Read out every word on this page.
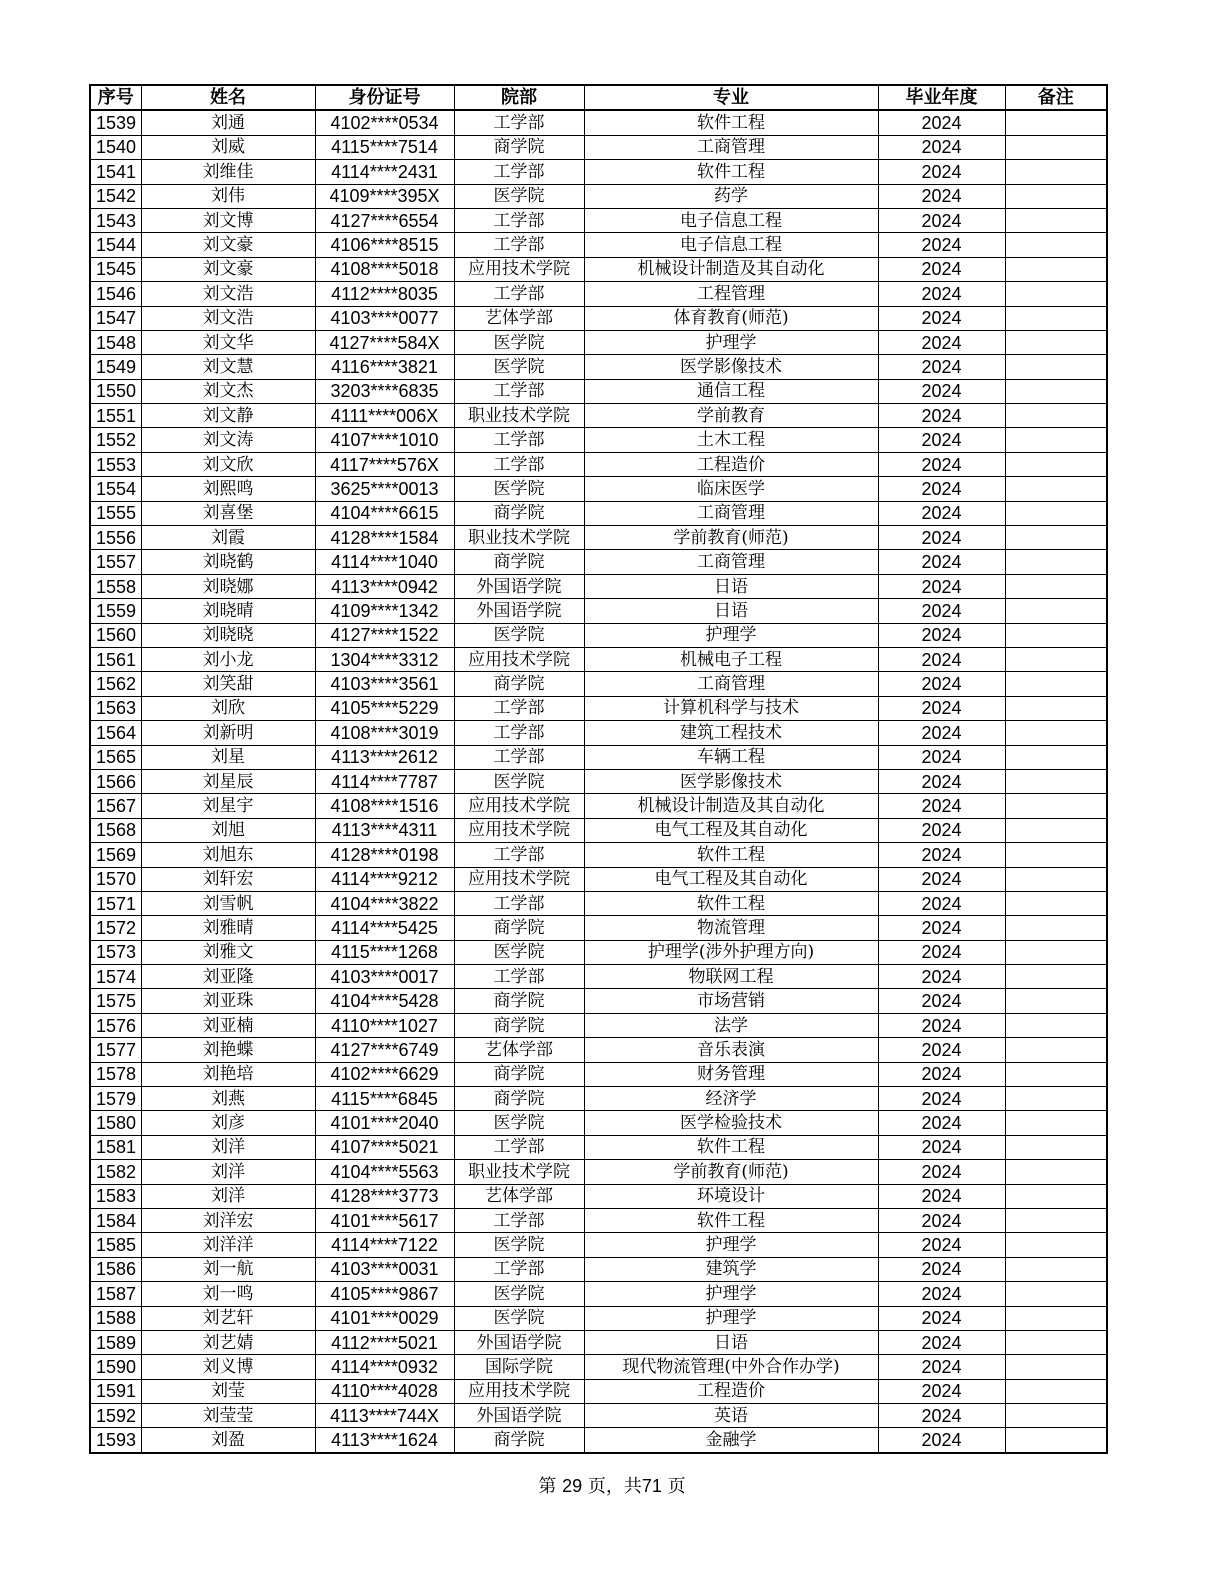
序号	姓名	身份证号	院部	专业	毕业年度	备注
1539	刘通	4102****0534	工学部	软件工程	2024	
1540	刘威	4115****7514	商学院	工商管理	2024	
1541	刘维佳	4114****2431	工学部	软件工程	2024	
1542	刘伟	4109****395X	医学院	药学	2024	
1543	刘文博	4127****6554	工学部	电子信息工程	2024	
1544	刘文豪	4106****8515	工学部	电子信息工程	2024	
1545	刘文豪	4108****5018	应用技术学院	机械设计制造及其自动化	2024	
1546	刘文浩	4112****8035	工学部	工程管理	2024	
1547	刘文浩	4103****0077	艺体学部	体育教育(师范)	2024	
1548	刘文华	4127****584X	医学院	护理学	2024	
1549	刘文慧	4116****3821	医学院	医学影像技术	2024	
1550	刘文杰	3203****6835	工学部	通信工程	2024	
1551	刘文静	4111****006X	职业技术学院	学前教育	2024	
1552	刘文涛	4107****1010	工学部	土木工程	2024	
1553	刘文欣	4117****576X	工学部	工程造价	2024	
1554	刘熙鸣	3625****0013	医学院	临床医学	2024	
1555	刘喜堡	4104****6615	商学院	工商管理	2024	
1556	刘霞	4128****1584	职业技术学院	学前教育(师范)	2024	
1557	刘晓鹤	4114****1040	商学院	工商管理	2024	
1558	刘晓娜	4113****0942	外国语学院	日语	2024	
1559	刘晓晴	4109****1342	外国语学院	日语	2024	
1560	刘晓晓	4127****1522	医学院	护理学	2024	
1561	刘小龙	1304****3312	应用技术学院	机械电子工程	2024	
1562	刘笑甜	4103****3561	商学院	工商管理	2024	
1563	刘欣	4105****5229	工学部	计算机科学与技术	2024	
1564	刘新明	4108****3019	工学部	建筑工程技术	2024	
1565	刘星	4113****2612	工学部	车辆工程	2024	
1566	刘星辰	4114****7787	医学院	医学影像技术	2024	
1567	刘星宇	4108****1516	应用技术学院	机械设计制造及其自动化	2024	
1568	刘旭	4113****4311	应用技术学院	电气工程及其自动化	2024	
1569	刘旭东	4128****0198	工学部	软件工程	2024	
1570	刘轩宏	4114****9212	应用技术学院	电气工程及其自动化	2024	
1571	刘雪帆	4104****3822	工学部	软件工程	2024	
1572	刘雅晴	4114****5425	商学院	物流管理	2024	
1573	刘雅文	4115****1268	医学院	护理学(涉外护理方向)	2024	
1574	刘亚隆	4103****0017	工学部	物联网工程	2024	
1575	刘亚珠	4104****5428	商学院	市场营销	2024	
1576	刘亚楠	4110****1027	商学院	法学	2024	
1577	刘艳蝶	4127****6749	艺体学部	音乐表演	2024	
1578	刘艳培	4102****6629	商学院	财务管理	2024	
1579	刘燕	4115****6845	商学院	经济学	2024	
1580	刘彦	4101****2040	医学院	医学检验技术	2024	
1581	刘洋	4107****5021	工学部	软件工程	2024	
1582	刘洋	4104****5563	职业技术学院	学前教育(师范)	2024	
1583	刘洋	4128****3773	艺体学部	环境设计	2024	
1584	刘洋宏	4101****5617	工学部	软件工程	2024	
1585	刘洋洋	4114****7122	医学院	护理学	2024	
1586	刘一航	4103****0031	工学部	建筑学	2024	
1587	刘一鸣	4105****9867	医学院	护理学	2024	
1588	刘艺轩	4101****0029	医学院	护理学	2024	
1589	刘艺婧	4112****5021	外国语学院	日语	2024	
1590	刘义博	4114****0932	国际学院	现代物流管理(中外合作办学)	2024	
1591	刘莹	4110****4028	应用技术学院	工程造价	2024	
1592	刘莹莹	4113****744X	外国语学院	英语	2024	
1593	刘盈	4113****1624	商学院	金融学	2024	
第 29 页，共71 页
